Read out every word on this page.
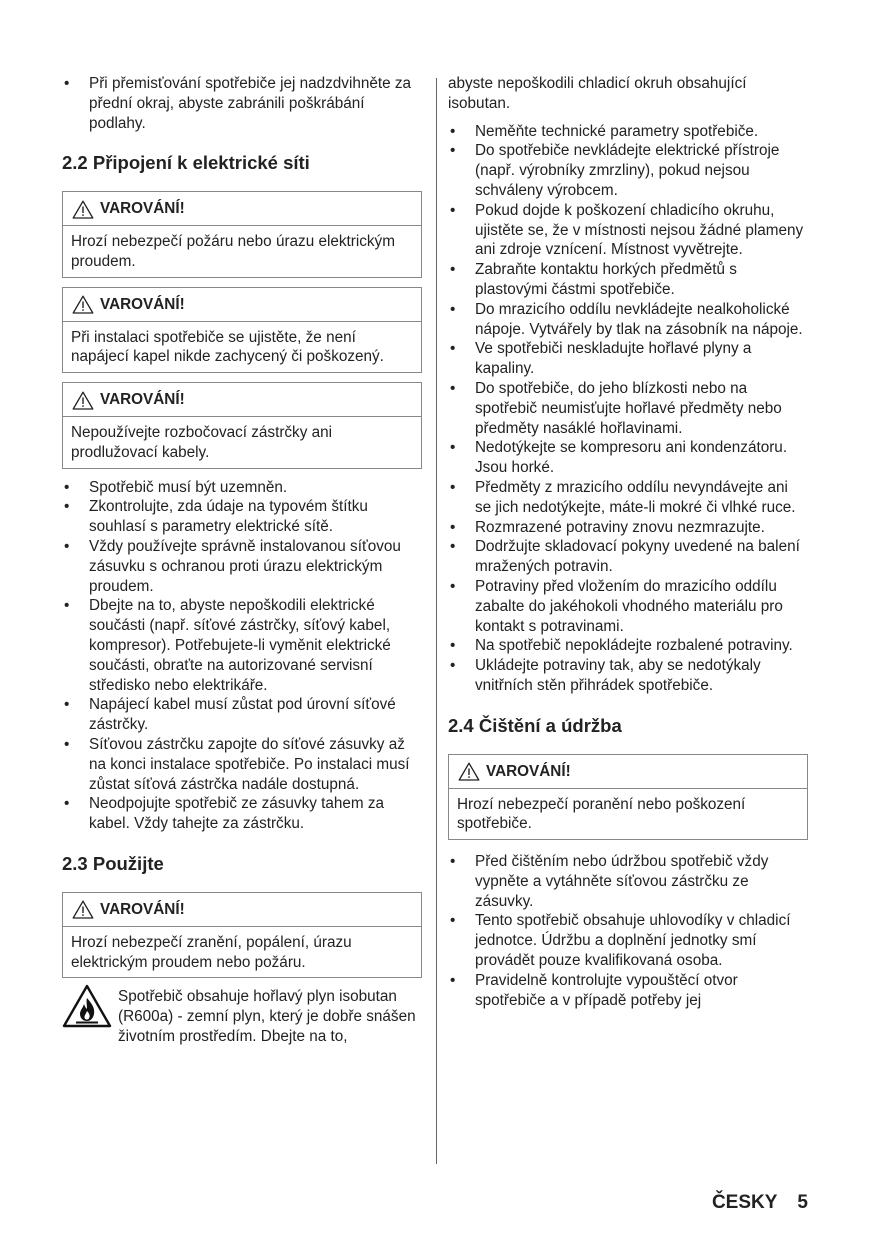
• Při přemisťování spotřebiče jej nadzdvihněte za přední okraj, abyste zabránili poškrábání podlahy.
2.2 Připojení k elektrické síti
VAROVÁNÍ!
Hrozí nebezpečí požáru nebo úrazu elektrickým proudem.
VAROVÁNÍ!
Při instalaci spotřebiče se ujistěte, že není napájecí kapel nikde zachycený či poškozený.
VAROVÁNÍ!
Nepoužívejte rozbočovací zástrčky ani prodlužovací kabely.
• Spotřebič musí být uzemněn.
• Zkontrolujte, zda údaje na typovém štítku souhlasí s parametry elektrické sítě.
• Vždy používejte správně instalovanou síťovou zásuvku s ochranou proti úrazu elektrickým proudem.
• Dbejte na to, abyste nepoškodili elektrické součásti (např. síťové zástrčky, síťový kabel, kompresor). Potřebujete-li vyměnit elektrické součásti, obraťte na autorizované servisní středisko nebo elektrikáře.
• Napájecí kabel musí zůstat pod úrovní síťové zástrčky.
• Síťovou zástrčku zapojte do síťové zásuvky až na konci instalace spotřebiče. Po instalaci musí zůstat síťová zástrčka nadále dostupná.
• Neodpojujte spotřebič ze zásuvky tahem za kabel. Vždy tahejte za zástrčku.
2.3 Použijte
VAROVÁNÍ!
Hrozí nebezpečí zranění, popálení, úrazu elektrickým proudem nebo požáru.

Spotřebič obsahuje hořlavý plyn isobutan (R600a) - zemní plyn, který je dobře snášen životním prostředím. Dbejte na to,

abyste nepoškodili chladicí okruh obsahující isobutan.

• Neměňte technické parametry spotřebiče.
• Do spotřebiče nevkládejte elektrické přístroje (např. výrobníky zmrzliny), pokud nejsou schváleny výrobcem.
• Pokud dojde k poškození chladicího okruhu, ujistěte se, že v místnosti nejsou žádné plameny ani zdroje vznícení. Místnost vyvětrejte.
• Zabraňte kontaktu horkých předmětů s plastovými částmi spotřebiče.
• Do mrazicího oddílu nevkládejte nealkoholické nápoje. Vytvářely by tlak na zásobník na nápoje.
• Ve spotřebiči neskladujte hořlavé plyny a kapaliny.
• Do spotřebiče, do jeho blízkosti nebo na spotřebič neumisťujte hořlavé předměty nebo předměty nasáklé hořlavinami.
• Nedotýkejte se kompresoru ani kondenzátoru. Jsou horké.
• Předměty z mrazicího oddílu nevyndávejte ani se jich nedotýkejte, máte-li mokré či vlhké ruce.
• Rozmrazené potraviny znovu nezmrazujte.
• Dodržujte skladovací pokyny uvedené na balení mražených potravin.
• Potraviny před vložením do mrazicího oddílu zabalte do jakéhokoli vhodného materiálu pro kontakt s potravinami.
• Na spotřebič nepokládejte rozbalené potraviny.
• Ukládejte potraviny tak, aby se nedotýkaly vnitřních stěn přihrádek spotřebiče.
2.4 Čištění a údržba
VAROVÁNÍ!
Hrozí nebezpečí poranění nebo poškození spotřebiče.
• Před čištěním nebo údržbou spotřebič vždy vypněte a vytáhněte síťovou zástrčku ze zásuvky.
• Tento spotřebič obsahuje uhlovodíky v chladicí jednotce. Údržbu a doplnění jednotky smí provádět pouze kvalifikovaná osoba.
• Pravidelně kontrolujte vypouštěcí otvor spotřebiče a v případě potřeby jej
ČESKY 5
